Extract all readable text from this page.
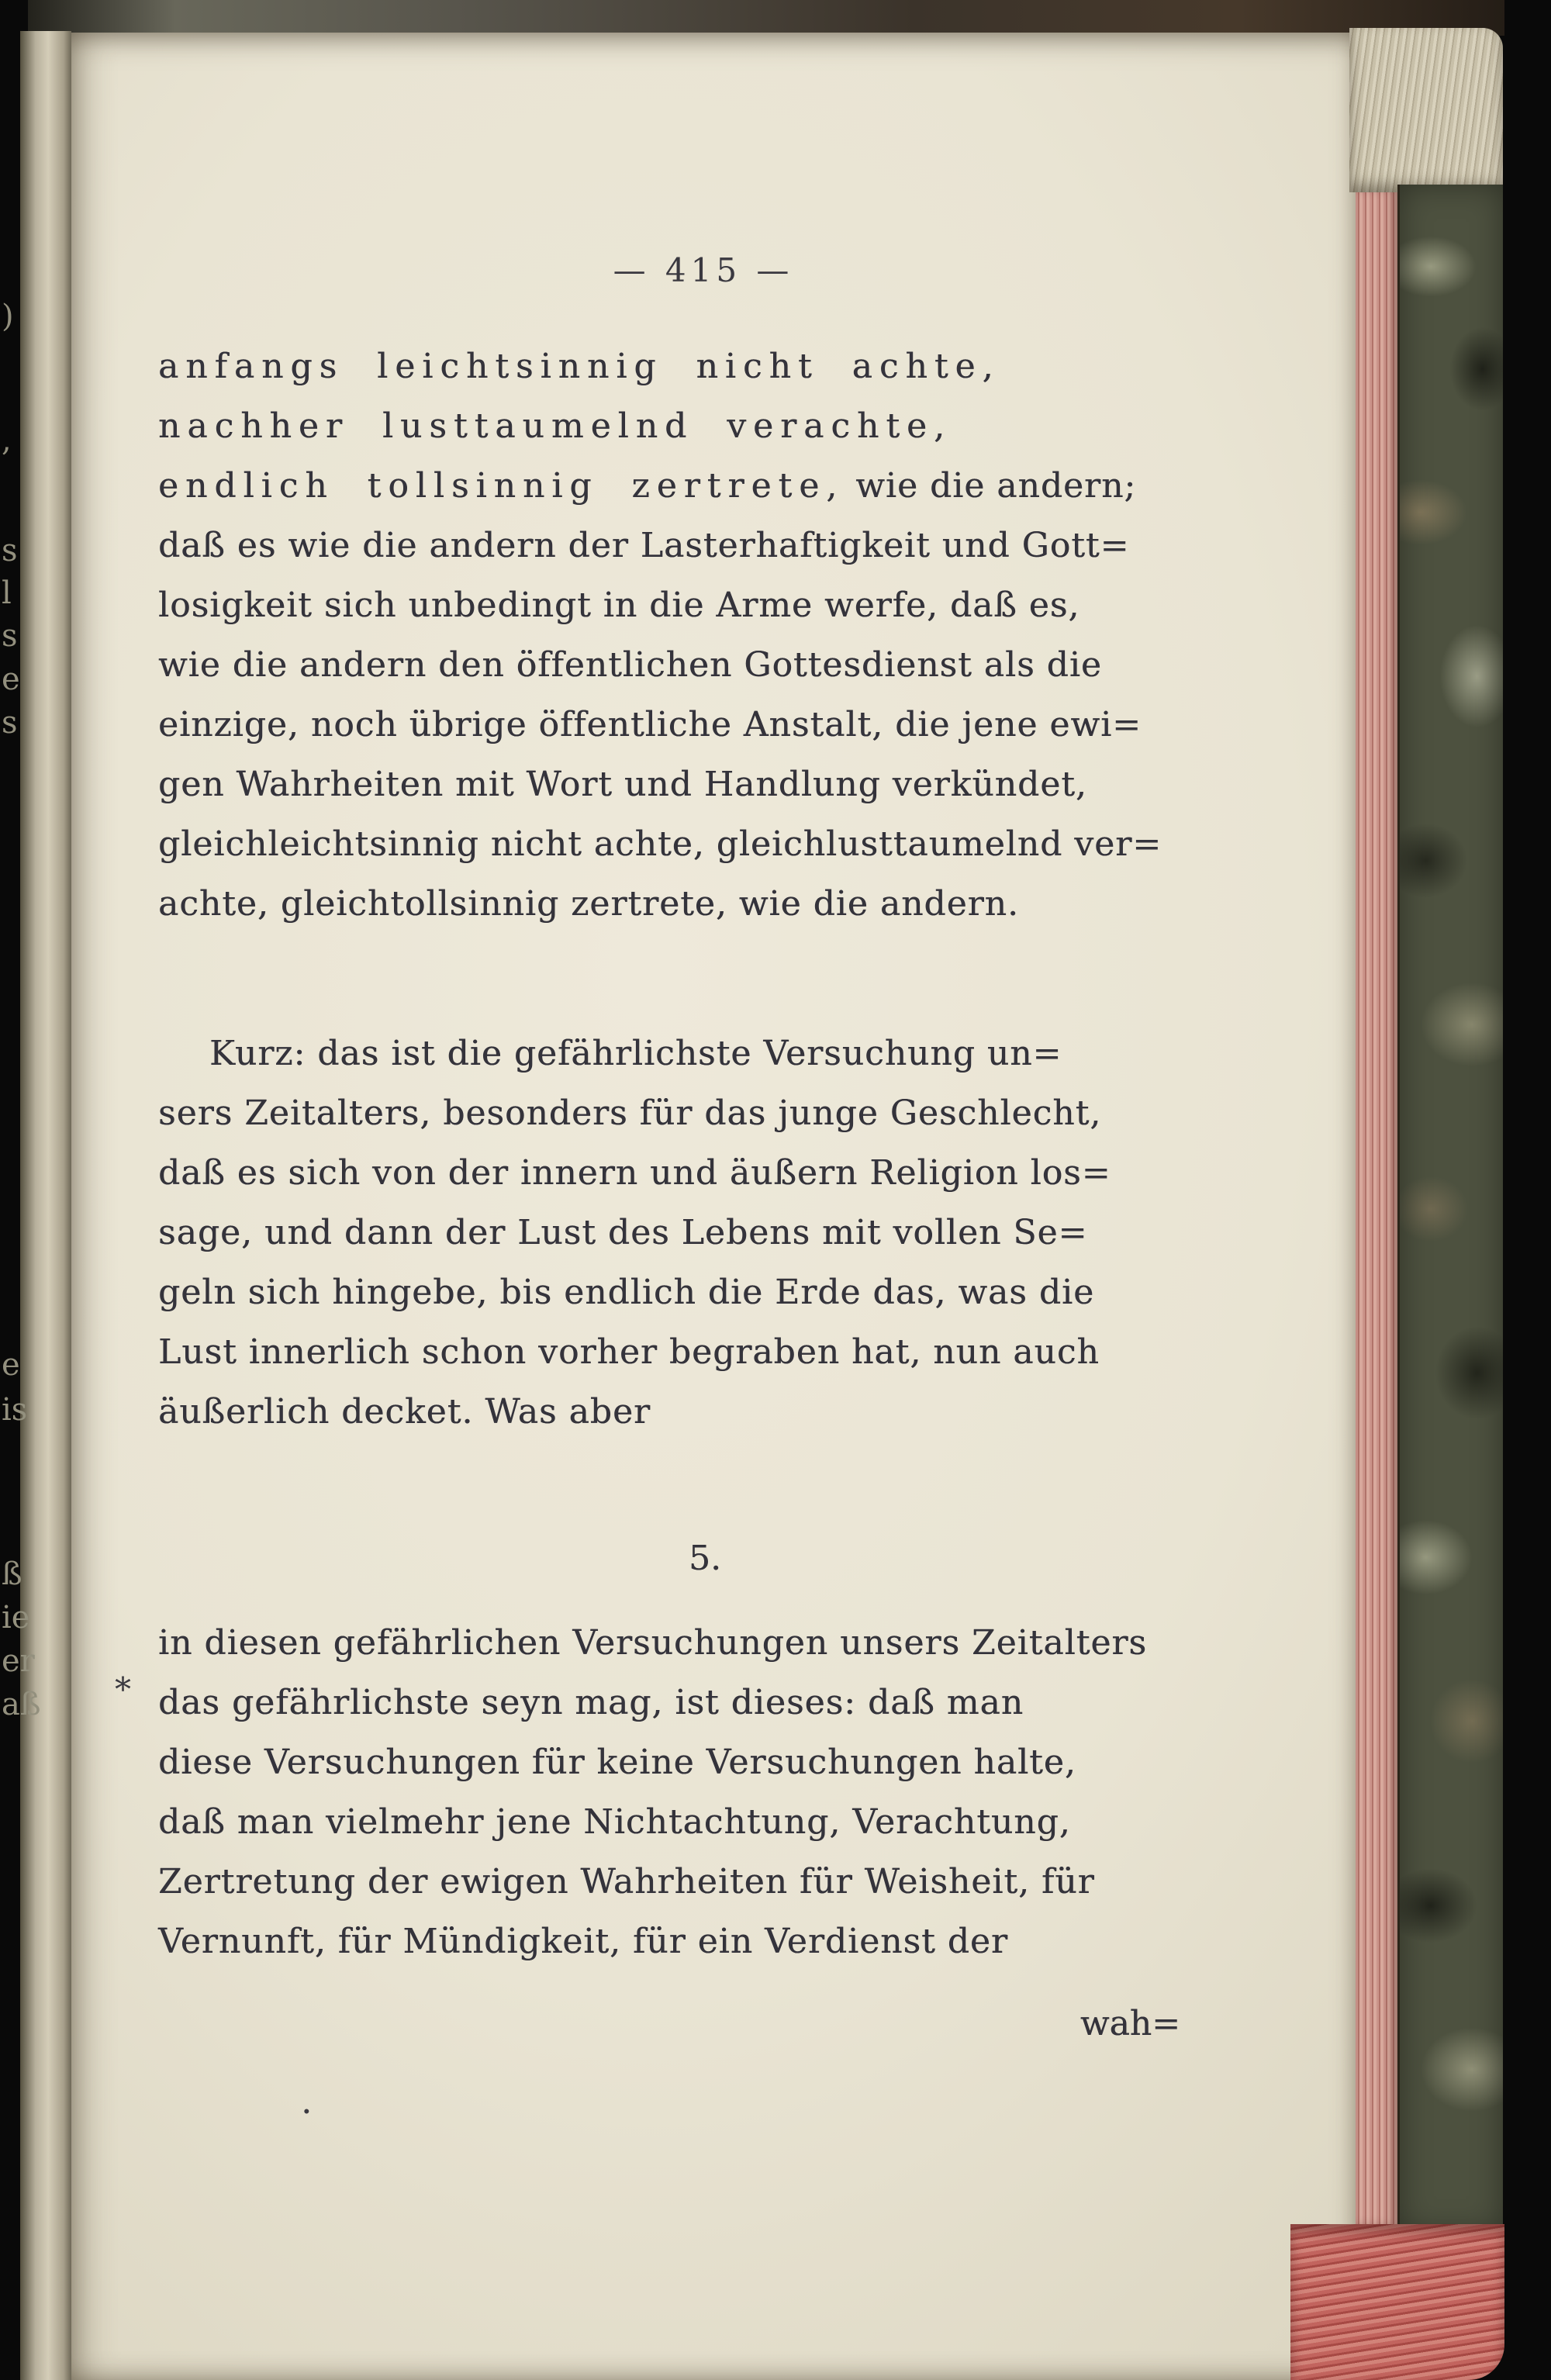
)
,
s
l
s
e
s
e
is
ß
ie
er
aß
— 415 —
anfangs leichtsinnig nicht achte,
nachher lusttaumelnd verachte,
endlich tollsinnig zertrete, wie die andern;
daß es wie die andern der Lasterhaftigkeit und Gott=
losigkeit sich unbedingt in die Arme werfe, daß es,
wie die andern den öffentlichen Gottesdienst als die
einzige, noch übrige öffentliche Anstalt, die jene ewi=
gen Wahrheiten mit Wort und Handlung verkündet,
gleichleichtsinnig nicht achte, gleichlusttaumelnd ver=
achte, gleichtollsinnig zertrete, wie die andern.
Kurz: das ist die gefährlichste Versuchung un=
sers Zeitalters, besonders für das junge Geschlecht,
daß es sich von der innern und äußern Religion los=
sage, und dann der Lust des Lebens mit vollen Se=
geln sich hingebe, bis endlich die Erde das, was die
Lust innerlich schon vorher begraben hat, nun auch
äußerlich decket. Was aber
5.
in diesen gefährlichen Versuchungen unsers Zeitalters
das gefährlichste seyn mag, ist dieses: daß man
diese Versuchungen für keine Versuchungen halte,
daß man vielmehr jene Nichtachtung, Verachtung,
Zertretung der ewigen Wahrheiten für Weisheit, für
Vernunft, für Mündigkeit, für ein Verdienst der
wah=
*
.
